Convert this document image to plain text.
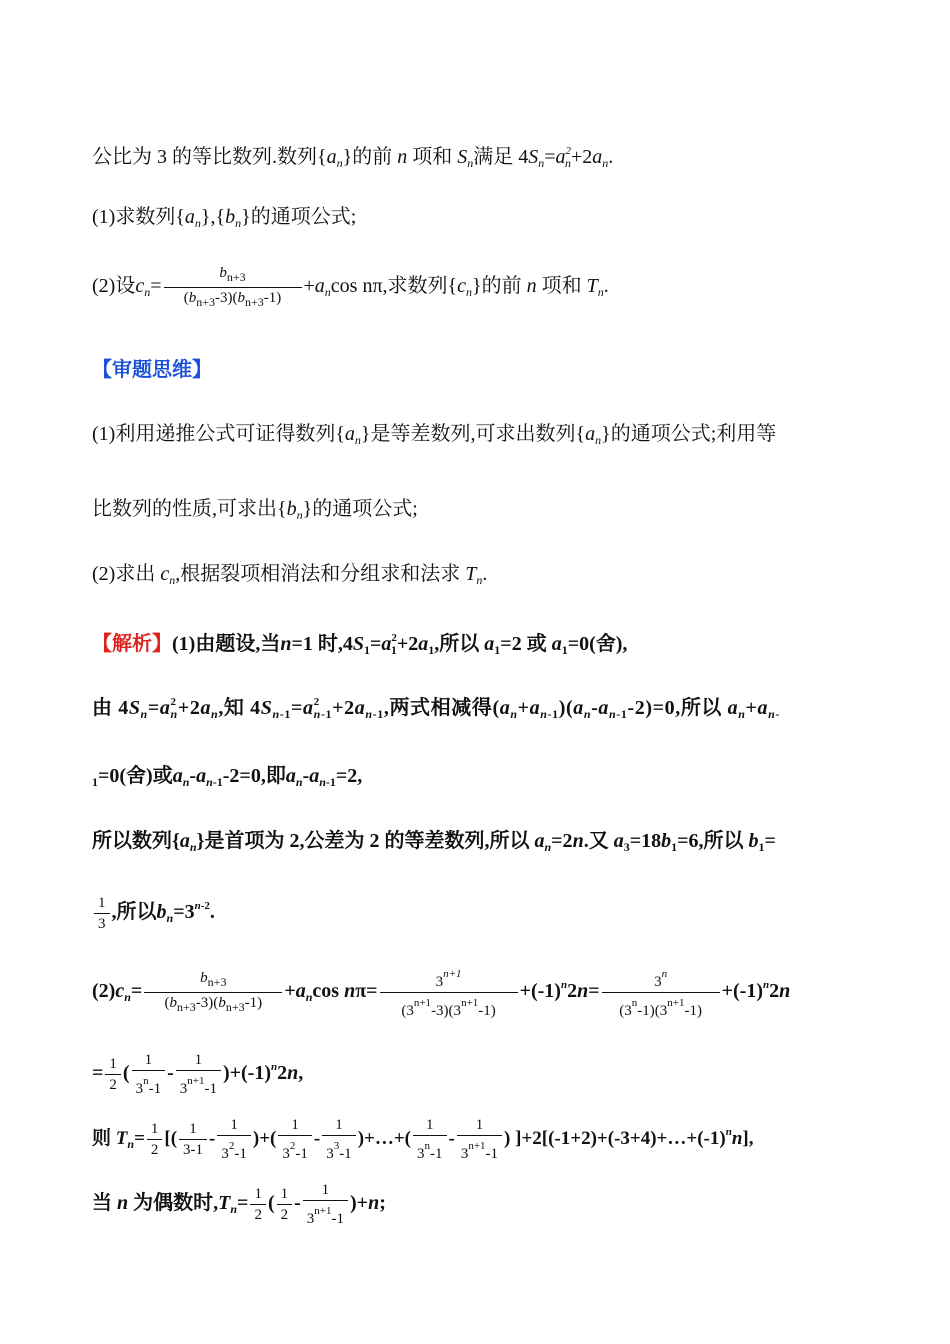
公比为 3 的等比数列.数列$\{a_n\}$的前 n 项和 $S_n$满足 $4S_n=a^2_n+2a_n$.
(1)求数列$\{a_n\},\{b_n\}$的通项公式;
(2)设$c_n= \frac{b_{n+3}}{(b_{n+3}-3)(b_{n+3}-1)} +a_n\cos$ nπ,求数列$\{c_n\}$的前 n 项和 $T_n$.
【审题思维】
(1)利用递推公式可证得数列$\{a_n\}$是等差数列,可求出数列$\{a_n\}$的通项公式;利用等
比数列的性质,可求出$\{b_n\}$的通项公式;
(2)求出 $c_n$,根据裂项相消法和分组求和法求 $T_n$.
【解析】(1)由题设,当n=1 时$,4S_1=a^2_1+2a_1$,所以 $a_1=2$ 或 $a_1=0$(舍),
由 $4S_n=a^2_n+2a_n$,知 $4S_{n-1}=a^2_{n-1}+2a_{n-1}$,两式相减得$(a_n+a_{n-1})(a_n-a_{n-1}-2)=0$,所以 $a_n+a_{n-}$
$_1$=0(舍)或$a_n-a_{n-1}-2=0$,即$a_n-a_{n-1}=2$,
所以数列$\{a_n\}$是首项为 2,公差为 2 的等差数列,所以 $a_n=2n$.又 $a_3=18b_1=6$,所以 $b_1=$
$\frac{1}{3}$ ,所以$b_n=3^{n-2}$.
$(2)c_n= \frac{b_{n+3}}{(b_{n+3}-3)(b_{n+3}-1)} +a_n\cos$ $n\pi= \frac{3^{n+1}}{(3^{n+1}-3)(3^{n+1}-1)} +(-1)^n2n= \frac{3^n}{(3^n-1)(3^{n+1}-1)} +(-1)^n2n$
= $\frac{1}{2}$ ( $\frac{1}{3^n-1} - \frac{1}{3^{n+1}-1} )+(-1)^n2n$,
则 $T_n= \frac{1}{2}$ [( $\frac{1}{3-1} - \frac{1}{3^2-1}$ )+( $\frac{1}{3^2-1} - \frac{1}{3^3-1}$ )+…+( $\frac{1}{3^n-1} - \frac{1}{3^{n+1}-1}$ ) ]$+2[(-1+2)+(-3+4)+\dots+(-1)^nn]$,
当 n 为偶数时$,T_n= \frac{1}{2}$ ( $\frac{1}{2} - \frac{1}{3^{n+1}-1} )+n$;
